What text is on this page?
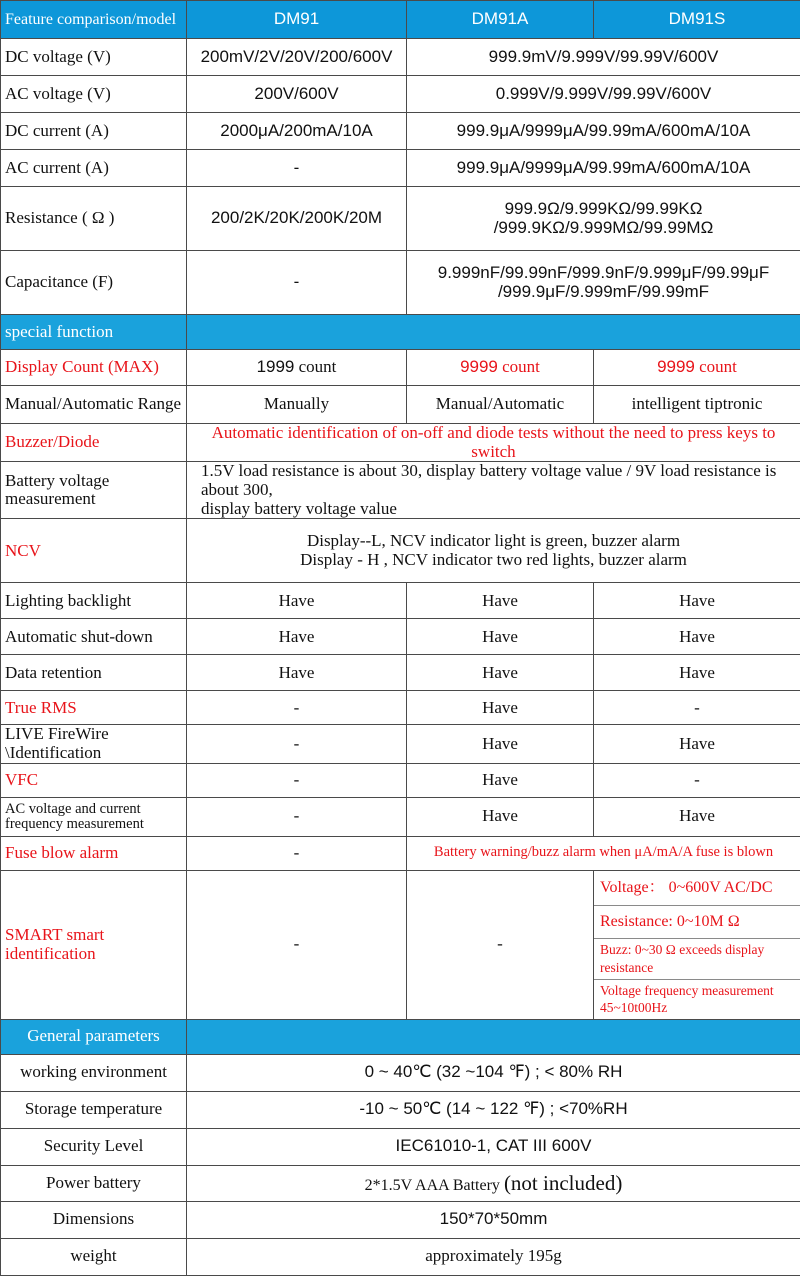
Feature comparison/model	DM91	DM91A	DM91S
DC voltage (V)	200mV/2V/20V/200/600V	999.9mV/9.999V/99.99V/600V	
AC voltage (V)	200V/600V	0.999V/9.999V/99.99V/600V	
DC current (A)	2000μA/200mA/10A	999.9μA/9999μA/99.99mA/600mA/10A	
AC current (A)	-	999.9μA/9999μA/99.99mA/600mA/10A	
Resistance ( Ω )	200/2K/20K/200K/20M	999.9Ω/9.999KΩ/99.99KΩ
/999.9KΩ/9.999MΩ/99.99MΩ	

Capacitance (F)	-	9.999nF/99.99nF/999.9nF/9.999μF/99.99μF
/999.9μF/9.999mF/99.99mF	

special function			
Display Count (MAX)	1999 count	9999 count	9999 count
Manual/Automatic Range	Manually	Manual/Automatic	intelligent tiptronic
Buzzer/Diode	Automatic identification of on-off and diode tests without the need to press keys to switch		
Battery voltage measurement	1.5V load resistance is about 30, display battery voltage value / 9V load resistance is about 300,
display battery voltage value		

NCV	Display--L, NCV indicator light is green, buzzer alarm
Display - H , NCV indicator two red lights, buzzer alarm		

Lighting backlight	Have	Have	Have
Automatic shut-down	Have	Have	Have
Data retention	Have	Have	Have
True RMS	-	Have	-
LIVE FireWire \Identification	-	Have	Have
VFC	-	Have	-
AC voltage and current frequency measurement	-	Have	Have
Fuse blow alarm	-	Battery warning/buzz alarm when μA/mA/A fuse is blown	
SMART smart identification	-	-	Voltage： 0~600V AC/DC
Resistance: 0~10M Ω
Buzz: 0~30 Ω exceeds display resistance
Voltage frequency measurement 45~10t00Hz

General parameters			
working environment	0 ~ 40℃ (32 ~104 ℉) ; < 80% RH		
Storage temperature	-10 ~ 50℃ (14 ~ 122 ℉) ; <70%RH		
Security Level	IEC61010-1, CAT III 600V		
Power battery	2*1.5V AAA Battery (not included)		
Dimensions	150*70*50mm		
weight	approximately 195g		
